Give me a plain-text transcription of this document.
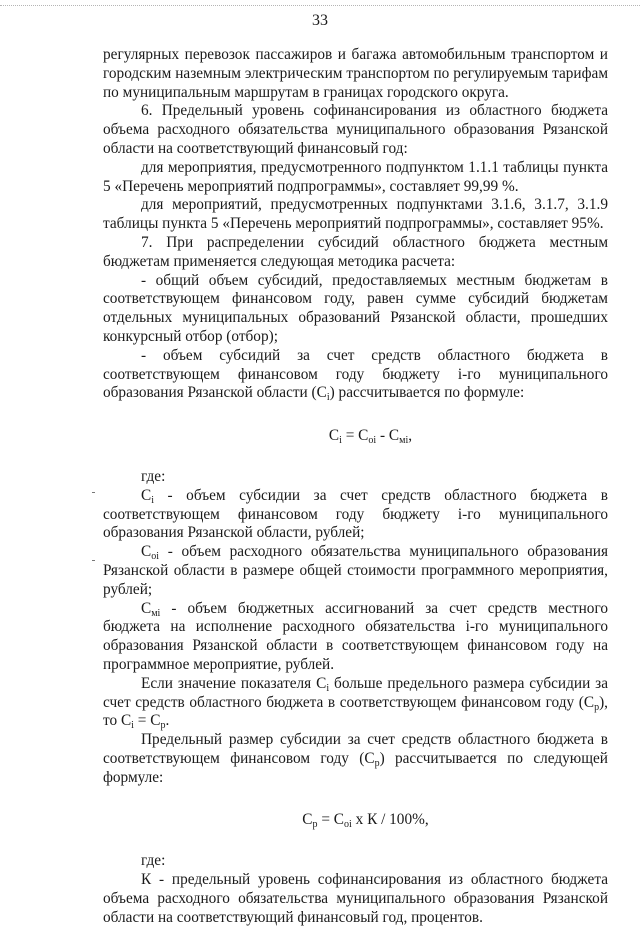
33

регулярных перевозок пассажиров и багажа автомобильным транспортом и городским наземным электрическим транспортом по регулируемым тарифам по муниципальным маршрутам в границах городского округа.

6. Предельный уровень софинансирования из областного бюджета объема расходного обязательства муниципального образования Рязанской области на соответствующий финансовый год:

для мероприятия, предусмотренного подпунктом 1.1.1 таблицы пункта 5 «Перечень мероприятий подпрограммы», составляет 99,99 %.

для мероприятий, предусмотренных подпунктами 3.1.6, 3.1.7, 3.1.9 таблицы пункта 5 «Перечень мероприятий подпрограммы», составляет 95%.

7. При распределении субсидий областного бюджета местным бюджетам применяется следующая методика расчета:

- общий объем субсидий, предоставляемых местным бюджетам в соответствующем финансовом году, равен сумме субсидий бюджетам отдельных муниципальных образований Рязанской области, прошедших конкурсный отбор (отбор);

- объем субсидий за счет средств областного бюджета в соответствующем финансовом году бюджету i-го муниципального образования Рязанской области $(C_i)$ рассчитывается по формуле:

$C_i = C_{oi} - C_{мi}$,

где:

$C_i$ - объем субсидии за счет средств областного бюджета в соответствующем финансовом году бюджету i-го муниципального образования Рязанской области, рублей;

$C_{oi}$ - объем расходного обязательства муниципального образования Рязанской области в размере общей стоимости программного мероприятия, рублей;

$C_{мi}$ - объем бюджетных ассигнований за счет средств местного бюджета на исполнение расходного обязательства i-го муниципального образования Рязанской области в соответствующем финансовом году на программное мероприятие, рублей.

Если значение показателя $C_i$ больше предельного размера субсидии за счет средств областного бюджета в соответствующем финансовом году $(C_р)$, то $C_i = C_р$.

Предельный размер субсидии за счет средств областного бюджета в соответствующем финансовом году $(C_р)$ рассчитывается по следующей формуле:

$C_р = C_{oi}$ х К / 100%,

где:

К - предельный уровень софинансирования из областного бюджета объема расходного обязательства муниципального образования Рязанской области на соответствующий финансовый год, процентов.
